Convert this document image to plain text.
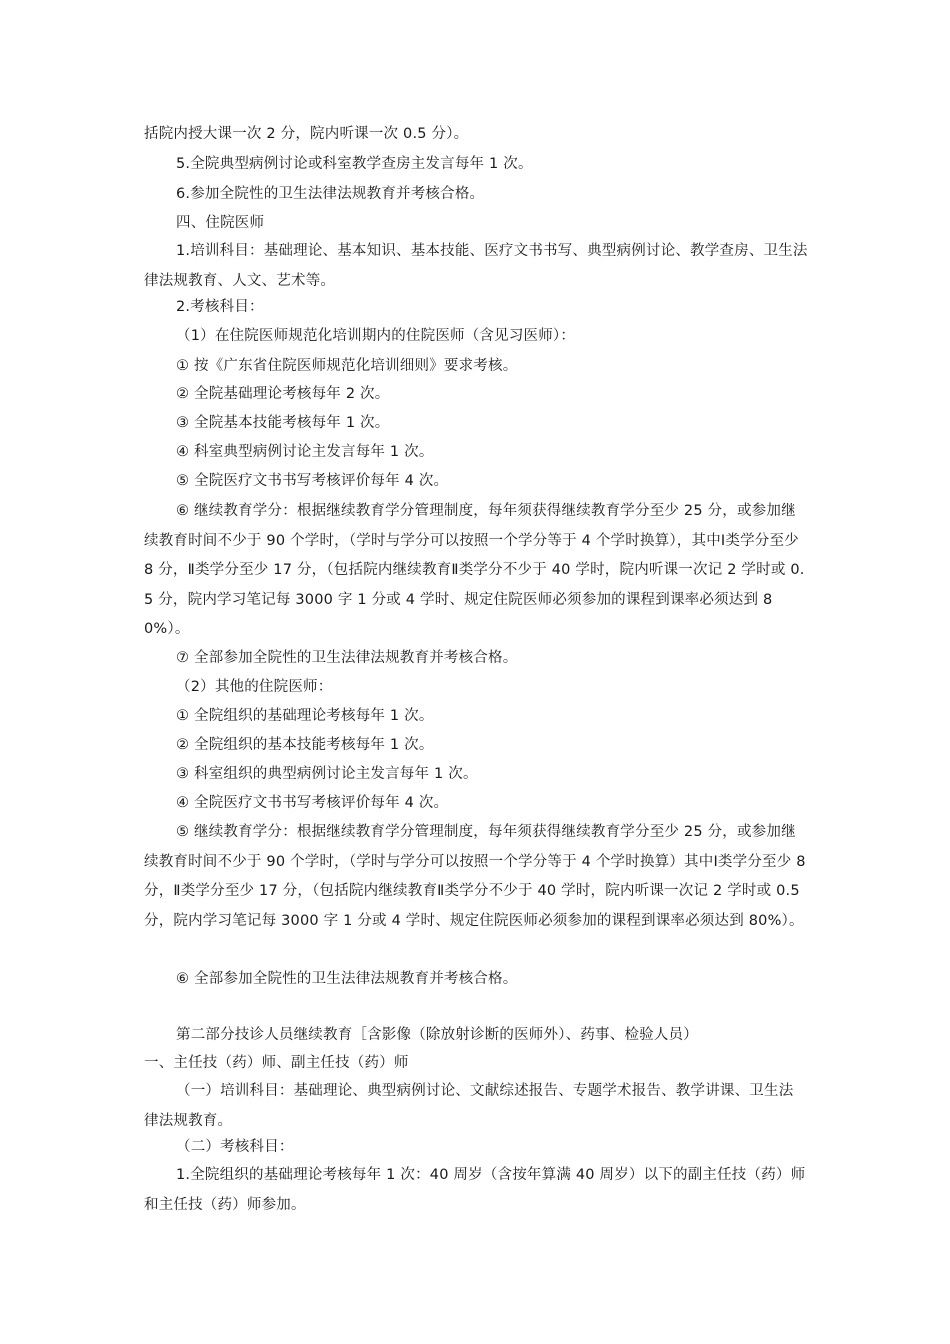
括院内授大课一次 2 分，院内听课一次 0.5 分）。
5.全院典型病例讨论或科室教学查房主发言每年 1 次。
6.参加全院性的卫生法律法规教育并考核合格。
四、住院医师
1.培训科目：基础理论、基本知识、基本技能、医疗文书书写、典型病例讨论、教学查房、卫生法律法规教育、人文、艺术等。
2.考核科目：
（1）在住院医师规范化培训期内的住院医师（含见习医师）：
① 按《广东省住院医师规范化培训细则》要求考核。
② 全院基础理论考核每年 2 次。
③ 全院基本技能考核每年 1 次。
④ 科室典型病例讨论主发言每年 1 次。
⑤ 全院医疗文书书写考核评价每年 4 次。
⑥ 继续教育学分：根据继续教育学分管理制度，每年须获得继续教育学分至少 25 分，或参加继续教育时间不少于 90 个学时，（学时与学分可以按照一个学分等于 4 个学时换算），其中Ⅰ类学分至少 8 分，Ⅱ类学分至少 17 分，（包括院内继续教育Ⅱ类学分不少于 40 学时，院内听课一次记 2 学时或 0.5 分，院内学习笔记每 3000 字 1 分或 4 学时、规定住院医师必须参加的课程到课率必须达到 80%）。
⑦ 全部参加全院性的卫生法律法规教育并考核合格。
（2）其他的住院医师：
① 全院组织的基础理论考核每年 1 次。
② 全院组织的基本技能考核每年 1 次。
③ 科室组织的典型病例讨论主发言每年 1 次。
④ 全院医疗文书书写考核评价每年 4 次。
⑤ 继续教育学分：根据继续教育学分管理制度，每年须获得继续教育学分至少 25 分，或参加继续教育时间不少于 90 个学时，（学时与学分可以按照一个学分等于 4 个学时换算）其中Ⅰ类学分至少 8 分，Ⅱ类学分至少 17 分，（包括院内继续教育Ⅱ类学分不少于 40 学时，院内听课一次记 2 学时或 0.5 分，院内学习笔记每 3000 字 1 分或 4 学时、规定住院医师必须参加的课程到课率必须达到 80%）。
⑥ 全部参加全院性的卫生法律法规教育并考核合格。
第二部分技诊人员继续教育［含影像（除放射诊断的医师外）、药事、检验人员）
一、主任技（药）师、副主任技（药）师
（一）培训科目：基础理论、典型病例讨论、文献综述报告、专题学术报告、教学讲课、卫生法律法规教育。
（二）考核科目：
1.全院组织的基础理论考核每年 1 次：40 周岁（含按年算满 40 周岁）以下的副主任技（药）师和主任技（药）师参加。
